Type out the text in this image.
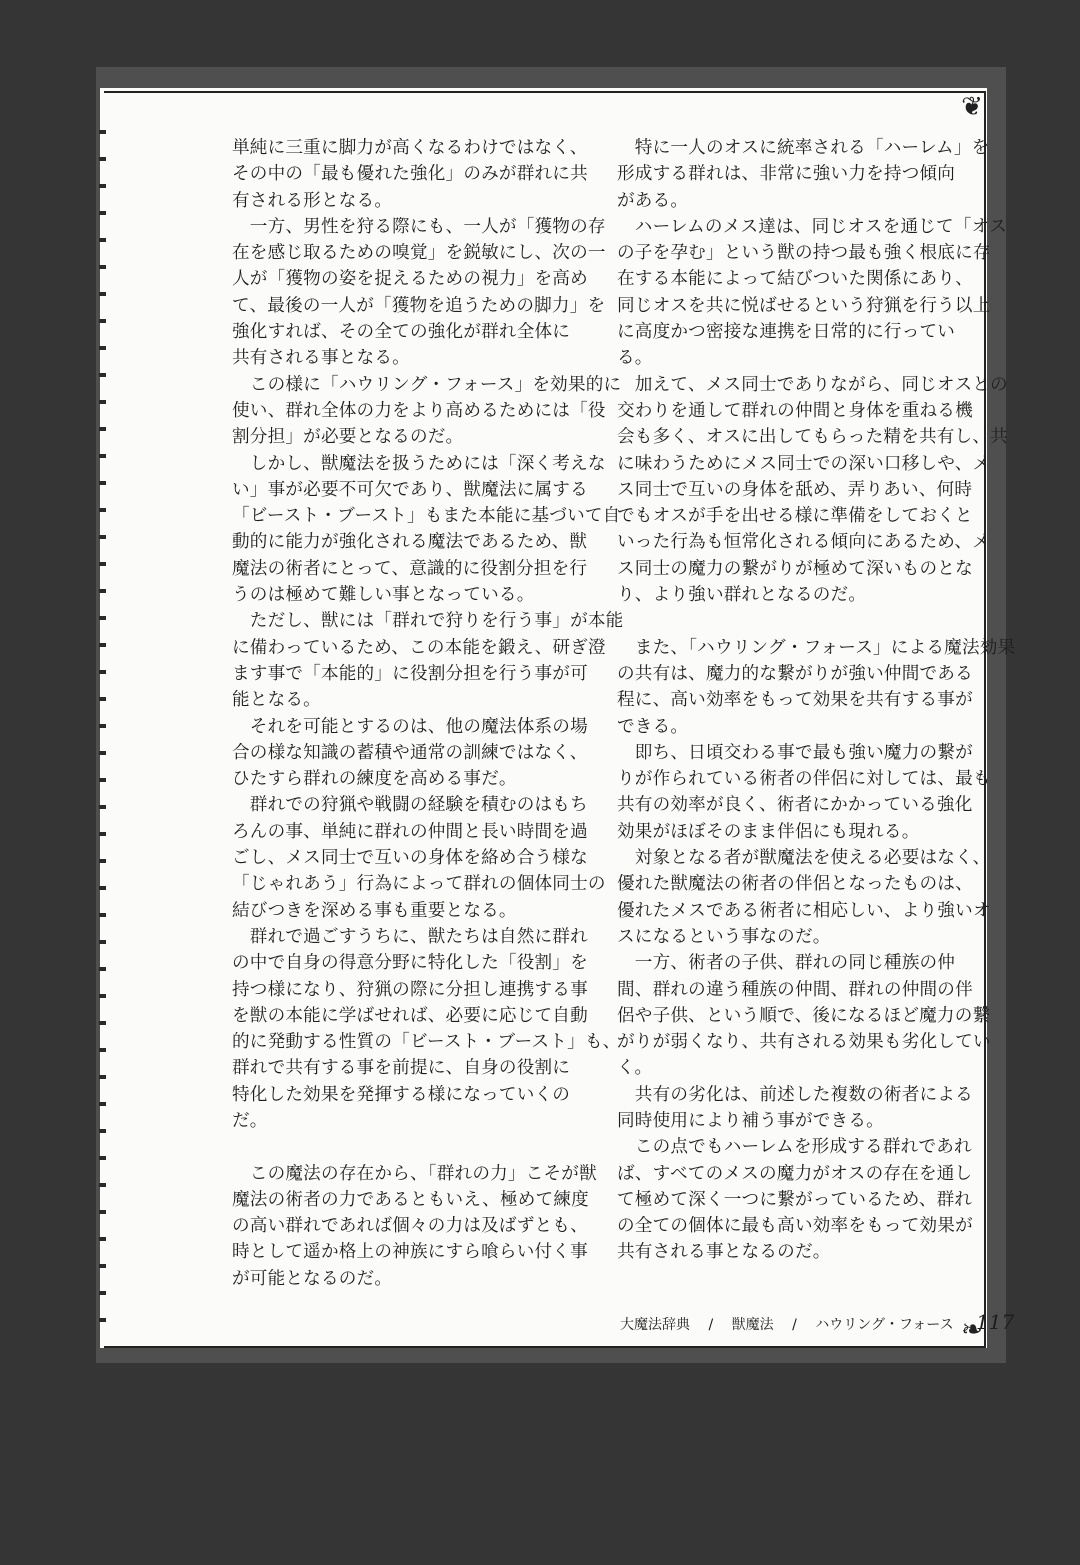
❦
❧
単純に三重に脚力が高くなるわけではなく、
その中の「最も優れた強化」のみが群れに共
有される形となる。
　一方、男性を狩る際にも、一人が「獲物の存
在を感じ取るための嗅覚」を鋭敏にし、次の一
人が「獲物の姿を捉えるための視力」を高め
て、最後の一人が「獲物を追うための脚力」を
強化すれば、その全ての強化が群れ全体に
共有される事となる。
　この様に「ハウリング・フォース」を効果的に
使い、群れ全体の力をより高めるためには「役
割分担」が必要となるのだ。
　しかし、獣魔法を扱うためには「深く考えな
い」事が必要不可欠であり、獣魔法に属する
「ビースト・ブースト」もまた本能に基づいて自
動的に能力が強化される魔法であるため、獣
魔法の術者にとって、意識的に役割分担を行
うのは極めて難しい事となっている。
　ただし、獣には「群れで狩りを行う事」が本能
に備わっているため、この本能を鍛え、研ぎ澄
ます事で「本能的」に役割分担を行う事が可
能となる。
　それを可能とするのは、他の魔法体系の場
合の様な知識の蓄積や通常の訓練ではなく、
ひたすら群れの練度を高める事だ。
　群れでの狩猟や戦闘の経験を積むのはもち
ろんの事、単純に群れの仲間と長い時間を過
ごし、メス同士で互いの身体を絡め合う様な
「じゃれあう」行為によって群れの個体同士の
結びつきを深める事も重要となる。
　群れで過ごすうちに、獣たちは自然に群れ
の中で自身の得意分野に特化した「役割」を
持つ様になり、狩猟の際に分担し連携する事
を獣の本能に学ばせれば、必要に応じて自動
的に発動する性質の「ビースト・ブースト」も、
群れで共有する事を前提に、自身の役割に
特化した効果を発揮する様になっていくの
だ。
　この魔法の存在から、「群れの力」こそが獣
魔法の術者の力であるともいえ、極めて練度
の高い群れであれば個々の力は及ばずとも、
時として遥か格上の神族にすら喰らい付く事
が可能となるのだ。
　特に一人のオスに統率される「ハーレム」を
形成する群れは、非常に強い力を持つ傾向
がある。
　ハーレムのメス達は、同じオスを通じて「オス
の子を孕む」という獣の持つ最も強く根底に存
在する本能によって結びついた関係にあり、
同じオスを共に悦ばせるという狩猟を行う以上
に高度かつ密接な連携を日常的に行ってい
る。
　加えて、メス同士でありながら、同じオスとの
交わりを通して群れの仲間と身体を重ねる機
会も多く、オスに出してもらった精を共有し、共
に味わうためにメス同士での深い口移しや、メ
ス同士で互いの身体を舐め、弄りあい、何時
でもオスが手を出せる様に準備をしておくと
いった行為も恒常化される傾向にあるため、メ
ス同士の魔力の繋がりが極めて深いものとな
り、より強い群れとなるのだ。
　また、「ハウリング・フォース」による魔法効果
の共有は、魔力的な繋がりが強い仲間である
程に、高い効率をもって効果を共有する事が
できる。
　即ち、日頃交わる事で最も強い魔力の繋が
りが作られている術者の伴侶に対しては、最も
共有の効率が良く、術者にかかっている強化
効果がほぼそのまま伴侶にも現れる。
　対象となる者が獣魔法を使える必要はなく、
優れた獣魔法の術者の伴侶となったものは、
優れたメスである術者に相応しい、より強いオ
スになるという事なのだ。
　一方、術者の子供、群れの同じ種族の仲
間、群れの違う種族の仲間、群れの仲間の伴
侶や子供、という順で、後になるほど魔力の繋
がりが弱くなり、共有される効果も劣化してい
く。
　共有の劣化は、前述した複数の術者による
同時使用により補う事ができる。
　この点でもハーレムを形成する群れであれ
ば、すべてのメスの魔力がオスの存在を通し
て極めて深く一つに繋がっているため、群れ
の全ての個体に最も高い効率をもって効果が
共有される事となるのだ。
大魔法辞典 / 獣魔法 / ハウリング・フォース 117
